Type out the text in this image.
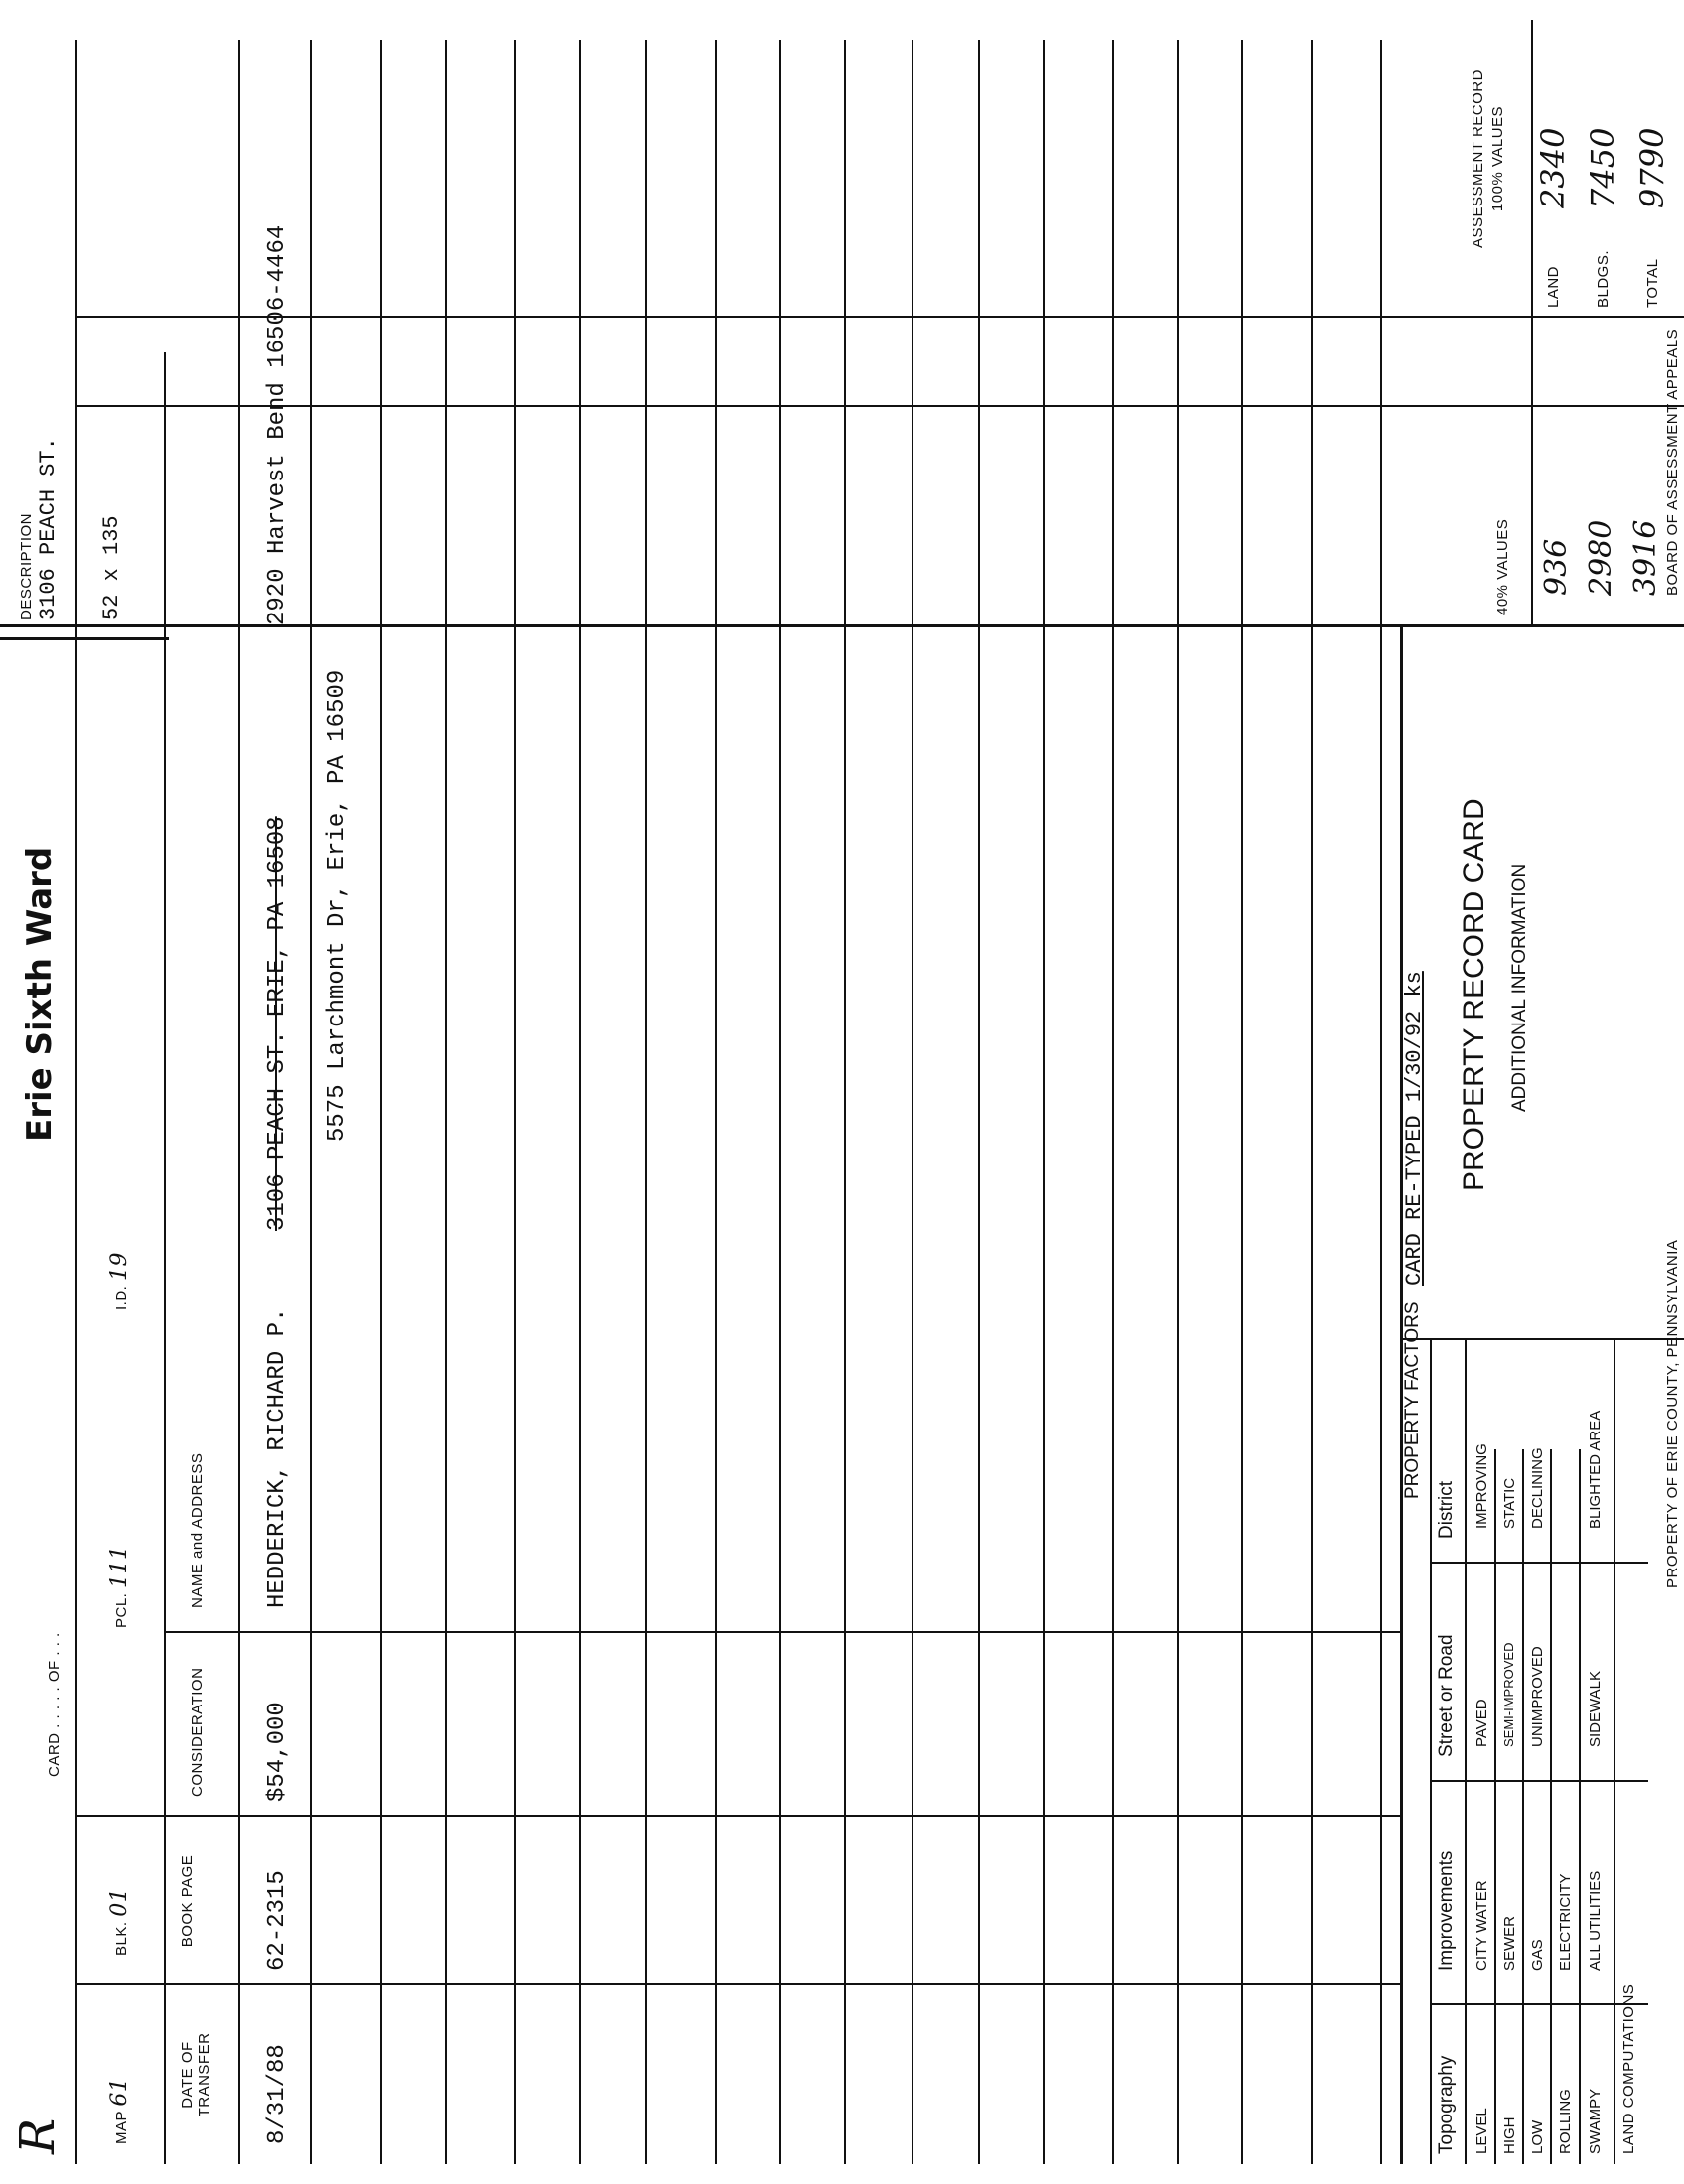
R
CARD . . . . . OF . . .
Erie Sixth Ward
DESCRIPTION 3106 PEACH ST.
MAP 61
BLK. 01
PCL. 111
I.D. 19
52 x 135
DATE OF TRANSFER
BOOK PAGE
CONSIDERATION
NAME and ADDRESS
8/31/88
62-2315
$54,000
HEDDERICK, RICHARD P.
3106 PEACH ST. ERIE, PA 16508
2920 Harvest Bend 16506-4464
5575 Larchmont Dr, Erie, PA 16509
PROPERTY FACTORS
CARD RE-TYPED 1/30/92 ks
Topography
Improvements
Street or Road
District
LEVEL HIGH LOW ROLLING SWAMPY
CITY WATER SEWER GAS ELECTRICITY ALL UTILITIES
PAVED SEMI-IMPROVED UNIMPROVED	SIDEWALK
IMPROVING STATIC DECLINING	BLIGHTED AREA
LAND COMPUTATIONS
PROPERTY RECORD CARD ADDITIONAL INFORMATION
40% VALUES 936 2980 3916
ASSESSMENT RECORD 100% VALUES
LAND BLDGS. TOTAL
2340 7450 9790
PROPERTY OF ERIE COUNTY, PENNSYLVANIA
BOARD OF ASSESSMENT APPEALS
